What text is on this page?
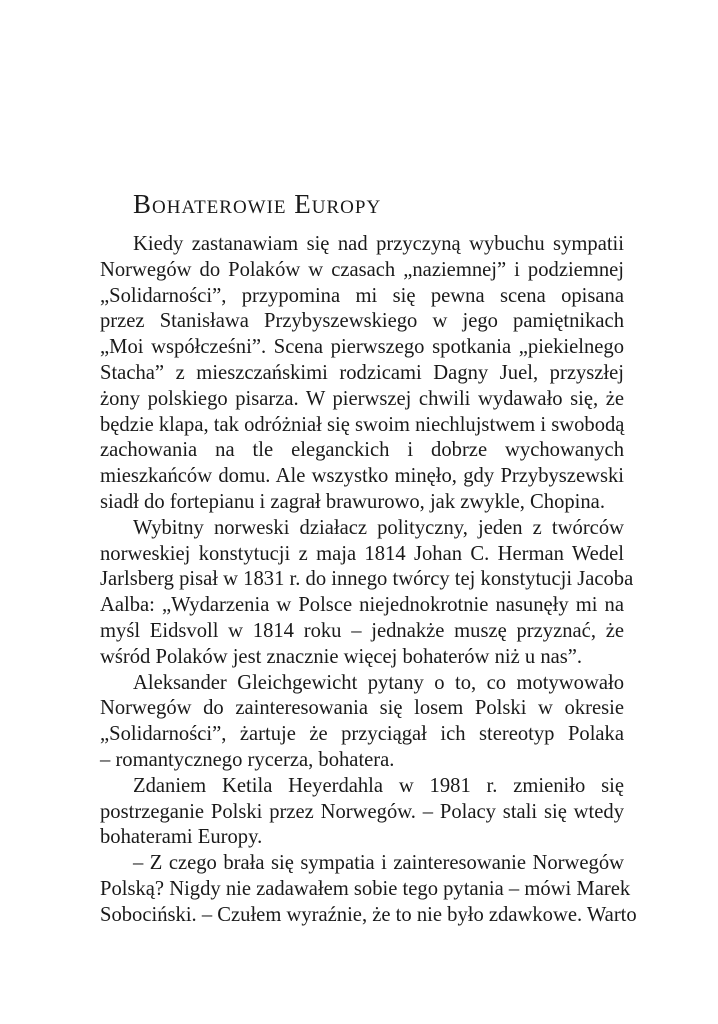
Bohaterowie Europy
Kiedy zastanawiam się nad przyczyną wybuchu sympatii
Norwegów do Polaków w czasach „naziemnej” i podziemnej
„Solidarności”, przypomina mi się pewna scena opisana
przez Stanisława Przybyszewskiego w jego pamiętnikach
„Moi współcześni”. Scena pierwszego spotkania „piekielnego
Stacha” z mieszczańskimi rodzicami Dagny Juel, przyszłej
żony polskiego pisarza. W pierwszej chwili wydawało się, że
będzie klapa, tak odróżniał się swoim niechlujstwem i swobodą
zachowania na tle eleganckich i dobrze wychowanych
mieszkańców domu. Ale wszystko minęło, gdy Przybyszewski
siadł do fortepianu i zagrał brawurowo, jak zwykle, Chopina.
Wybitny norweski działacz polityczny, jeden z twórców
norweskiej konstytucji z maja 1814 Johan C. Herman Wedel
Jarlsberg pisał w 1831 r. do innego twórcy tej konstytucji Jacoba
Aalba: „Wydarzenia w Polsce niejednokrotnie nasunęły mi na
myśl Eidsvoll w 1814 roku – jednakże muszę przyznać, że
wśród Polaków jest znacznie więcej bohaterów niż u nas”.
Aleksander Gleichgewicht pytany o to, co motywowało
Norwegów do zainteresowania się losem Polski w okresie
„Solidarności”, żartuje że przyciągał ich stereotyp Polaka
– romantycznego rycerza, bohatera.
Zdaniem Ketila Heyerdahla w 1981 r. zmieniło się
postrzeganie Polski przez Norwegów. – Polacy stali się wtedy
bohaterami Europy.
– Z czego brała się sympatia i zainteresowanie Norwegów
Polską? Nigdy nie zadawałem sobie tego pytania – mówi Marek
Sobociński. – Czułem wyraźnie, że to nie było zdawkowe. Warto
